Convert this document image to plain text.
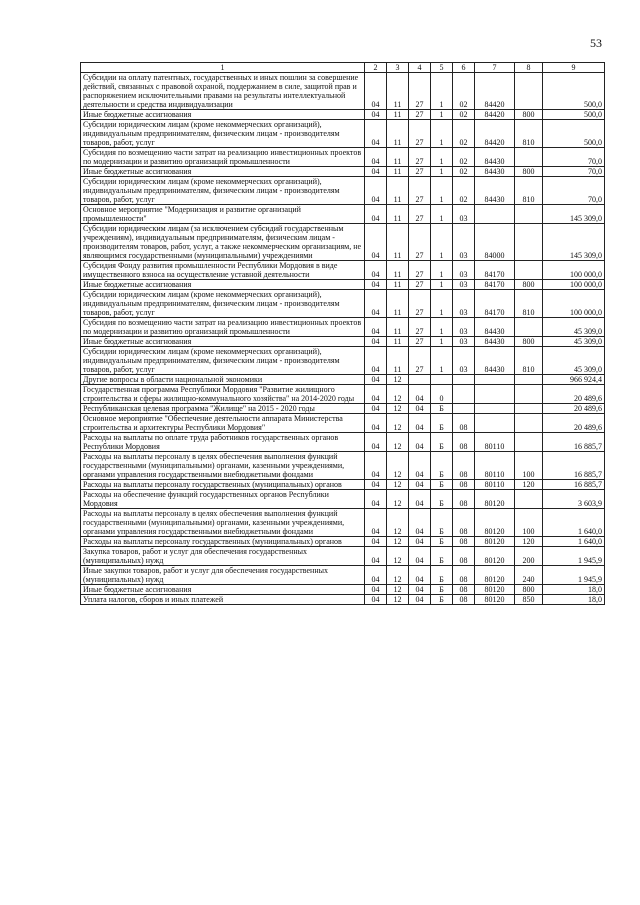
53
1	2	3	4	5	6	7	8	9
Субсидии на оплату патентных, государственных и иных пошлин за совершение действий, связанных с правовой охраной, поддержанием в силе, защитой прав и распоряжением исключительными правами на результаты интеллектуальной деятельности и средства индивидуализации	04	11	27	1	02	84420		500,0
Иные бюджетные ассигнования	04	11	27	1	02	84420	800	500,0
Субсидии юридическим лицам (кроме некоммерческих организаций), индивидуальным предпринимателям, физическим лицам - производителям товаров, работ, услуг	04	11	27	1	02	84420	810	500,0
Субсидия по возмещению части затрат на реализацию инвестиционных проектов по модернизации и развитию организаций промышленности	04	11	27	1	02	84430		70,0
Иные бюджетные ассигнования	04	11	27	1	02	84430	800	70,0
Субсидии юридическим лицам (кроме некоммерческих организаций), индивидуальным предпринимателям, физическим лицам - производителям товаров, работ, услуг	04	11	27	1	02	84430	810	70,0
Основное мероприятие "Модернизация и развитие организаций промышленности"	04	11	27	1	03			145 309,0
Субсидии юридическим лицам (за исключением субсидий государственным учреждениям), индивидуальным предпринимателям, физическим лицам - производителям товаров, работ, услуг, а также некоммерческим организациям, не являющимся государственными (муниципальными) учреждениями	04	11	27	1	03	84000		145 309,0
Субсидия Фонду развития промышленности Республики Мордовия в виде имущественного взноса на осуществление уставной деятельности	04	11	27	1	03	84170		100 000,0
Иные бюджетные ассигнования	04	11	27	1	03	84170	800	100 000,0
Субсидии юридическим лицам (кроме некоммерческих организаций), индивидуальным предпринимателям, физическим лицам - производителям товаров, работ, услуг	04	11	27	1	03	84170	810	100 000,0
Субсидия по возмещению части затрат на реализацию инвестиционных проектов по модернизации и развитию организаций промышленности	04	11	27	1	03	84430		45 309,0
Иные бюджетные ассигнования	04	11	27	1	03	84430	800	45 309,0
Субсидии юридическим лицам (кроме некоммерческих организаций), индивидуальным предпринимателям, физическим лицам - производителям товаров, работ, услуг	04	11	27	1	03	84430	810	45 309,0
Другие вопросы в области национальной экономики	04	12						966 924,4
Государственная программа Республики Мордовия "Развитие жилищного строительства и сферы жилищно-коммунального хозяйства" на 2014-2020 годы	04	12	04	0				20 489,6
Республиканская целевая программа "Жилище" на 2015 - 2020 годы	04	12	04	Б				20 489,6
Основное мероприятие "Обеспечение деятельности аппарата Министерства строительства и архитектуры Республики Мордовия"	04	12	04	Б	08			20 489,6
Расходы на выплаты по оплате труда работников государственных органов Республики Мордовия	04	12	04	Б	08	80110		16 885,7
Расходы на выплаты персоналу в целях обеспечения выполнения функций государственными (муниципальными) органами, казенными учреждениями, органами управления государственными внебюджетными фондами	04	12	04	Б	08	80110	100	16 885,7
Расходы на выплаты персоналу государственных (муниципальных) органов	04	12	04	Б	08	80110	120	16 885,7
Расходы на обеспечение функций государственных органов Республики Мордовия	04	12	04	Б	08	80120		3 603,9
Расходы на выплаты персоналу в целях обеспечения выполнения функций государственными (муниципальными) органами, казенными учреждениями, органами управления государственными внебюджетными фондами	04	12	04	Б	08	80120	100	1 640,0
Расходы на выплаты персоналу государственных (муниципальных) органов	04	12	04	Б	08	80120	120	1 640,0
Закупка товаров, работ и услуг для обеспечения государственных (муниципальных) нужд	04	12	04	Б	08	80120	200	1 945,9
Иные закупки товаров, работ и услуг для обеспечения государственных (муниципальных) нужд	04	12	04	Б	08	80120	240	1 945,9
Иные бюджетные ассигнования	04	12	04	Б	08	80120	800	18,0
Уплата налогов, сборов и иных платежей	04	12	04	Б	08	80120	850	18,0
